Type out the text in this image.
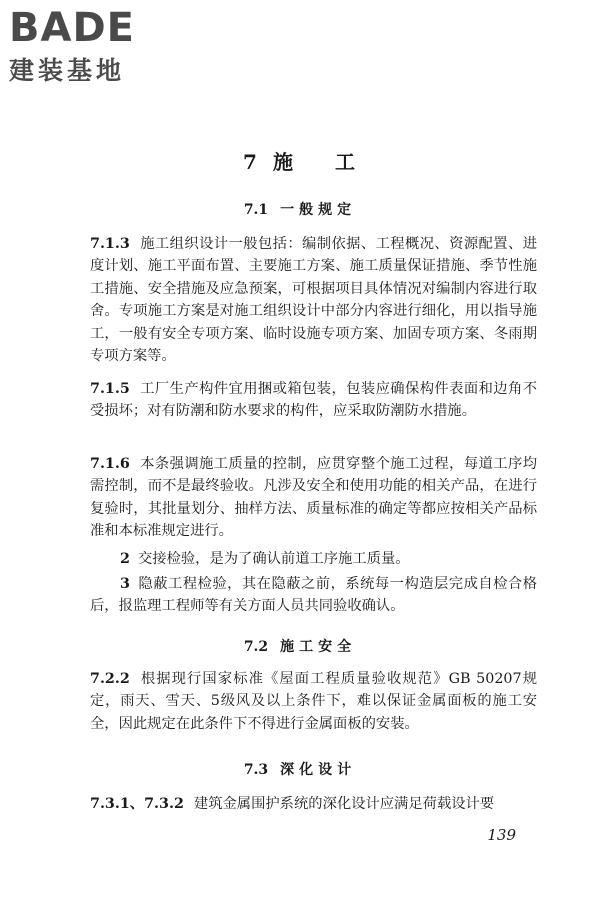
BADE
建装基地
7 施 工
7.1 一般规定

7.1.3 施工组织设计一般包括：编制依据、工程概况、资源配置、进度计划、施工平面布置、主要施工方案、施工质量保证措施、季节性施工措施、安全措施及应急预案，可根据项目具体情况对编制内容进行取舍。专项施工方案是对施工组织设计中部分内容进行细化，用以指导施工，一般有安全专项方案、临时设施专项方案、加固专项方案、冬雨期专项方案等。

7.1.5 工厂生产构件宜用捆或箱包装，包装应确保构件表面和边角不受损坏；对有防潮和防水要求的构件，应采取防潮防水措施。

7.1.6 本条强调施工质量的控制，应贯穿整个施工过程，每道工序均需控制，而不是最终验收。凡涉及安全和使用功能的相关产品，在进行复验时，其批量划分、抽样方法、质量标准的确定等都应按相关产品标准和本标准规定进行。

2 交接检验，是为了确认前道工序施工质量。

3 隐蔽工程检验，其在隐蔽之前，系统每一构造层完成自检合格后，报监理工程师等有关方面人员共同验收确认。

7.2 施工安全

7.2.2 根据现行国家标准《屋面工程质量验收规范》GB 50207规定，雨天、雪天、5级风及以上条件下，难以保证金属面板的施工安全，因此规定在此条件下不得进行金属面板的安装。

7.3 深化设计

7.3.1、7.3.2 建筑金属围护系统的深化设计应满足荷载设计要

139
